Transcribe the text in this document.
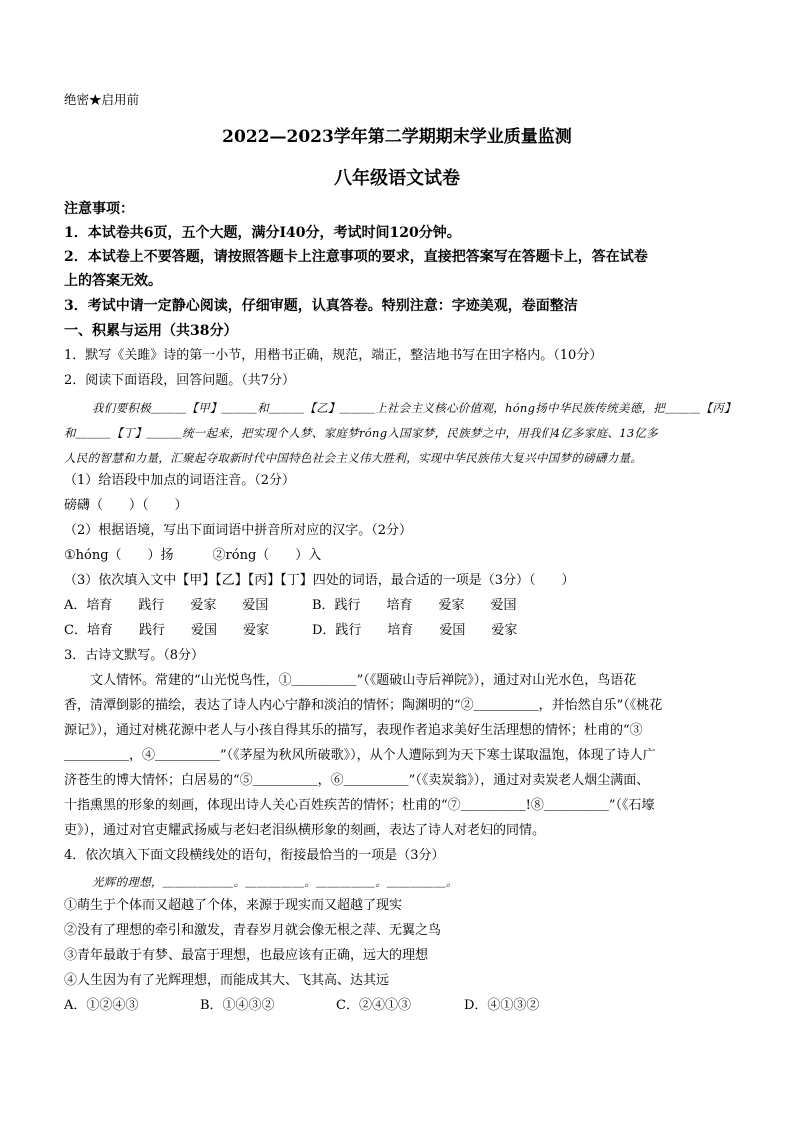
绝密★启用前
2022—2023学年第二学期期末学业质量监测
八年级语文试卷
注意事项：
1．本试卷共6页，五个大题，满分I40分，考试时间120分钟。
2．本试卷上不要答题，请按照答题卡上注意事项的要求，直接把答案写在答题卡上，答在试卷
上的答案无效。
3．考试中请一定静心阅读，仔细审题，认真答卷。特别注意：字迹美观，卷面整洁
一、积累与运用（共38分）
1．默写《关雎》诗的第一小节，用楷书正确，规范，端正，整洁地书写在田字格内。（10分）
2．阅读下面语段，回答问题。（共7分）
我们要积极＿＿＿【甲】＿＿＿和＿＿＿【乙】＿＿＿上社会主义核心价值观，hóng扬中华民族传统美德，把＿＿＿【丙】
和＿＿＿【丁】＿＿＿统一起来，把实现个人梦、家庭梦róng入国家梦，民族梦之中，用我们4亿多家庭、13亿多
人民的智慧和力量，汇聚起夺取新时代中国特色社会主义伟大胜利，实现中华民族伟大复兴中国梦的磅礴力量。
（1）给语段中加点的词语注音。（2分）
磅礴（　　）（　　）
（2）根据语境，写出下面词语中拼音所对应的汉字。（2分）
①hóng（　　）扬　　　②róng（　　）入
（3）依次填入文中【甲】【乙】【丙】【丁】四处的词语，最合适的一项是（3分）（　　）
A．培育　　践行　　爱家　　爱国	B．践行　　培育　　爱家　　爱国
C．培育　　践行　　爱国　　爱家	D．践行　　培育　　爱国　　爱家
3．古诗文默写。（8分）
　　文人情怀。常建的“山光悦鸟性，①＿＿＿＿＿”（《题破山寺后禅院》），通过对山光水色，鸟语花
香，清潭倒影的描绘，表达了诗人内心宁静和淡泊的情怀；陶渊明的“②＿＿＿＿＿，并怡然自乐”（《桃花
源记》），通过对桃花源中老人与小孩自得其乐的描写，表现作者追求美好生活理想的情怀；杜甫的“③
＿＿＿＿＿，④＿＿＿＿＿”（《茅屋为秋风所破歌》），从个人遭际到为天下寒士谋取温饱，体现了诗人广
济苍生的博大情怀；白居易的“⑤＿＿＿＿＿，⑥＿＿＿＿＿”（《卖炭翁》），通过对卖炭老人烟尘满面、
十指熏黑的形象的刻画，体现出诗人关心百姓疾苦的情怀；杜甫的“⑦＿＿＿＿＿!⑧＿＿＿＿＿”（《石壕
吏》），通过对官吏耀武扬威与老妇老泪纵横形象的刻画，表达了诗人对老妇的同情。
4．依次填入下面文段横线处的语句，衔接最恰当的一项是（3分）
光辉的理想，＿＿＿＿＿＿。＿＿＿＿＿。＿＿＿＿＿。＿＿＿＿＿。
①萌生于个体而又超越了个体，来源于现实而又超越了现实
②没有了理想的牵引和激发，青春岁月就会像无根之萍、无翼之鸟
③青年最敢于有梦、最富于理想，也最应该有正确，远大的理想
④人生因为有了光辉理想，而能成其大、飞其高、达其远
A．①②④③	B．①④③②	C．②④①③	D．④①③②
